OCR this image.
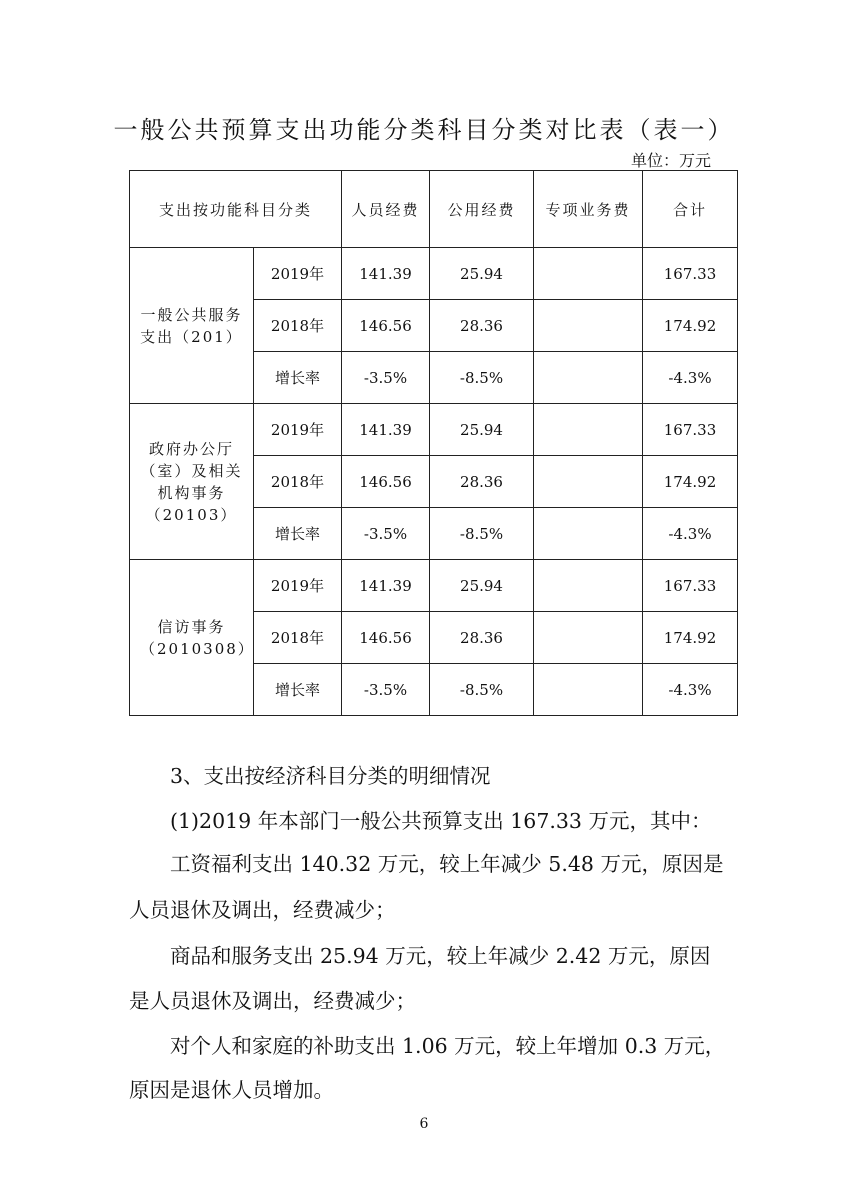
一般公共预算支出功能分类科目分类对比表（表一）
单位：万元
支出按功能科目分类		人员经费	公用经费	专项业务费	合计
一般公共服务支出（201）	2019年	141.39	25.94		167.33
	2018年	146.56	28.36		174.92
	增长率	-3.5%	-8.5%		-4.3%
政府办公厅（室）及相关机构事务（20103）	2019年	141.39	25.94		167.33
	2018年	146.56	28.36		174.92
	增长率	-3.5%	-8.5%		-4.3%
信访事务（2010308）	2019年	141.39	25.94		167.33
	2018年	146.56	28.36		174.92
	增长率	-3.5%	-8.5%		-4.3%
3、支出按经济科目分类的明细情况
(1)2019 年本部门一般公共预算支出 167.33 万元，其中：
工资福利支出 140.32 万元，较上年减少 5.48 万元，原因是
人员退休及调出，经费减少；
商品和服务支出 25.94 万元，较上年减少 2.42 万元，原因
是人员退休及调出，经费减少；
对个人和家庭的补助支出 1.06 万元，较上年增加 0.3 万元，
原因是退休人员增加。
6
